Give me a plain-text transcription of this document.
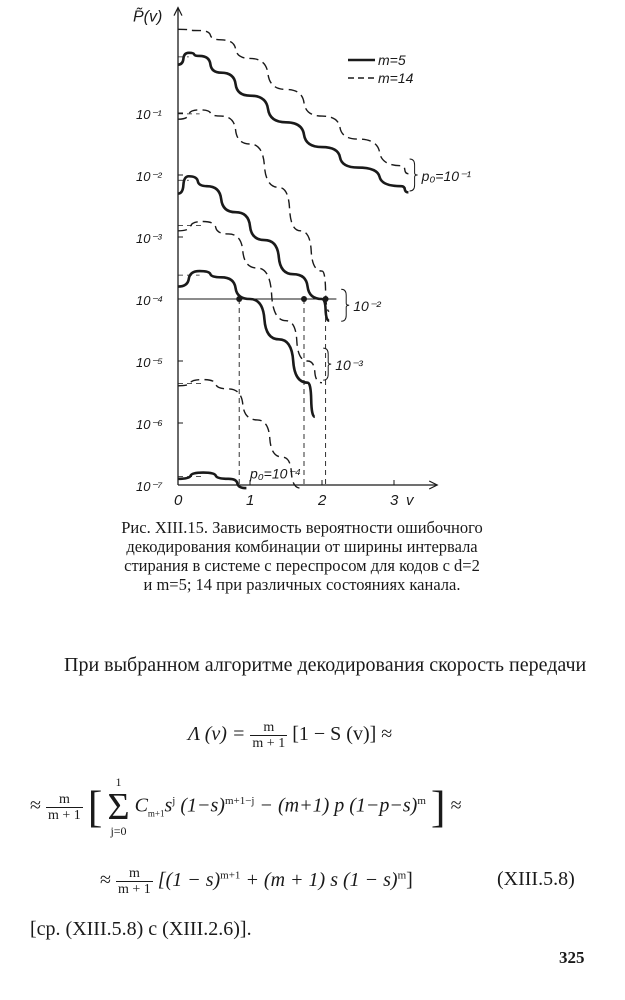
0	1	2	3 v
10⁻⁷
10⁻⁶
10⁻⁵
10⁻⁴
10⁻³
10⁻²
10⁻¹
P̃(v)
p₀=10⁻¹
10⁻²
10⁻³
p₀=10⁻⁴
m=5
m=14
Рис. XIII.15. Зависимость вероятности ошибочного декодирования комбинации от ширины интервала стирания в системе с переспросом для кодов с d=2 и m=5; 14 при различных состояниях канала.
При выбранном алгоритме декодирования скорость передачи
Λ $(v) = \frac{m}{m + 1} [1 - S$ (v)] ≈
≈ $\frac{m}{m + 1}$ [ 1
Σ
j=0 $C_{m+1}s^j$ $(1-s)^{m+1-j} - (m+1)$ p $(1-p-s)^m$ ] ≈
≈ $\frac{m}{m + 1} [(1 - s)^{m+1} + (m + 1)$ s $(1 - s)^m$]	(XIII.5.8)
[ср. (XIII.5.8) с (XIII.2.6)].
325
